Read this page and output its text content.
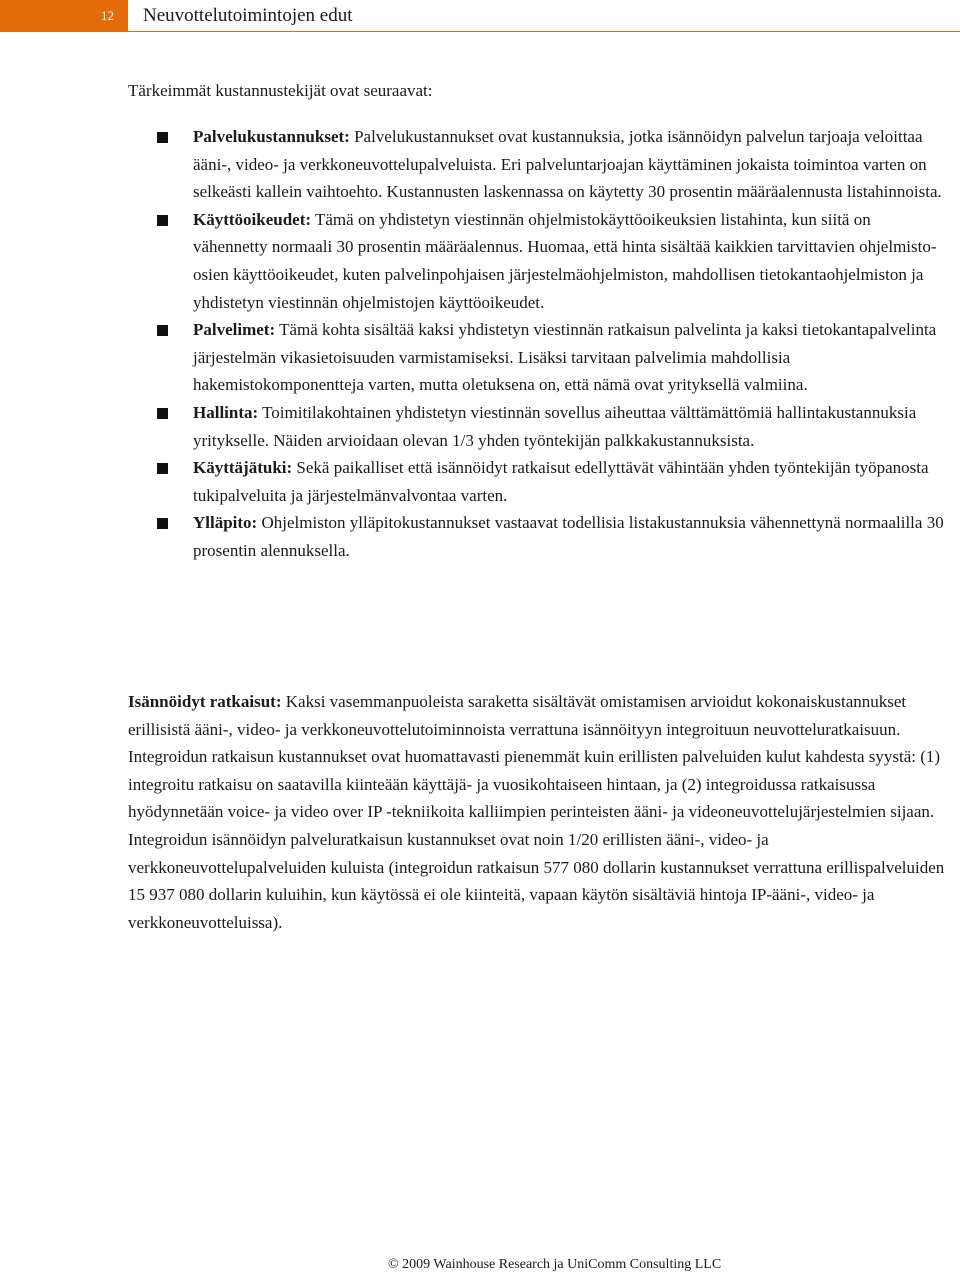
12	Neuvottelutoimintojen edut
Tärkeimmät kustannustekijät ovat seuraavat:
Palvelukustannukset: Palvelukustannukset ovat kustannuksia, jotka isännöidyn palvelun tarjoaja veloittaa ääni-, video- ja verkkoneuvottelupalveluista. Eri palveluntarjoajan käyttäminen jokaista toimintoa varten on selkeästi kallein vaihtoehto. Kustannusten laskennassa on käytetty 30 prosentin määräalennusta listahinnoista.
Käyttöoikeudet: Tämä on yhdistetyn viestinnän ohjelmistokäyttöoikeuksien listahinta, kun siitä on vähennetty normaali 30 prosentin määräalennus. Huomaa, että hinta sisältää kaikkien tarvittavien ohjelmisto-osien käyttöoikeudet, kuten palvelinpohjaisen järjestelmäohjelmiston, mahdollisen tietokantaohjelmiston ja yhdistetyn viestinnän ohjelmistojen käyttöoikeudet.
Palvelimet: Tämä kohta sisältää kaksi yhdistetyn viestinnän ratkaisun palvelinta ja kaksi tietokantapalvelinta järjestelmän vikasietoisuuden varmistamiseksi. Lisäksi tarvitaan palvelimia mahdollisia hakemistokomponentteja varten, mutta oletuksena on, että nämä ovat yrityksellä valmiina.
Hallinta: Toimitilakohtainen yhdistetyn viestinnän sovellus aiheuttaa välttämättömiä hallintakustannuksia yritykselle. Näiden arvioidaan olevan 1/3 yhden työntekijän palkkakustannuksista.
Käyttäjätuki: Sekä paikalliset että isännöidyt ratkaisut edellyttävät vähintään yhden työntekijän työpanosta tukipalveluita ja järjestelmänvalvontaa varten.
Ylläpito: Ohjelmiston ylläpitokustannukset vastaavat todellisia listakustannuksia vähennettynä normaalilla 30 prosentin alennuksella.

Isännöidyt ratkaisut: Kaksi vasemmanpuoleista saraketta sisältävät omistamisen arvioidut kokonaiskustannukset erillisistä ääni-, video- ja verkkoneuvottelutoiminnoista verrattuna isännöityyn integroituun neuvotteluratkaisuun. Integroidun ratkaisun kustannukset ovat huomattavasti pienemmät kuin erillisten palveluiden kulut kahdesta syystä: (1) integroitu ratkaisu on saatavilla kiinteään käyttäjä- ja vuosikohtaiseen hintaan, ja (2) integroidussa ratkaisussa hyödynnetään voice- ja video over IP -tekniikoita kalliimpien perinteisten ääni- ja videoneuvottelujärjestelmien sijaan. Integroidun isännöidyn palveluratkaisun kustannukset ovat noin 1/20 erillisten ääni-, video- ja verkkoneuvottelupalveluiden kuluista (integroidun ratkaisun 577 080 dollarin kustannukset verrattuna erillispalveluiden 15 937 080 dollarin kuluihin, kun käytössä ei ole kiinteitä, vapaan käytön sisältäviä hintoja IP-ääni-, video- ja verkkoneuvotteluissa).

© 2009 Wainhouse Research ja UniComm Consulting LLC
